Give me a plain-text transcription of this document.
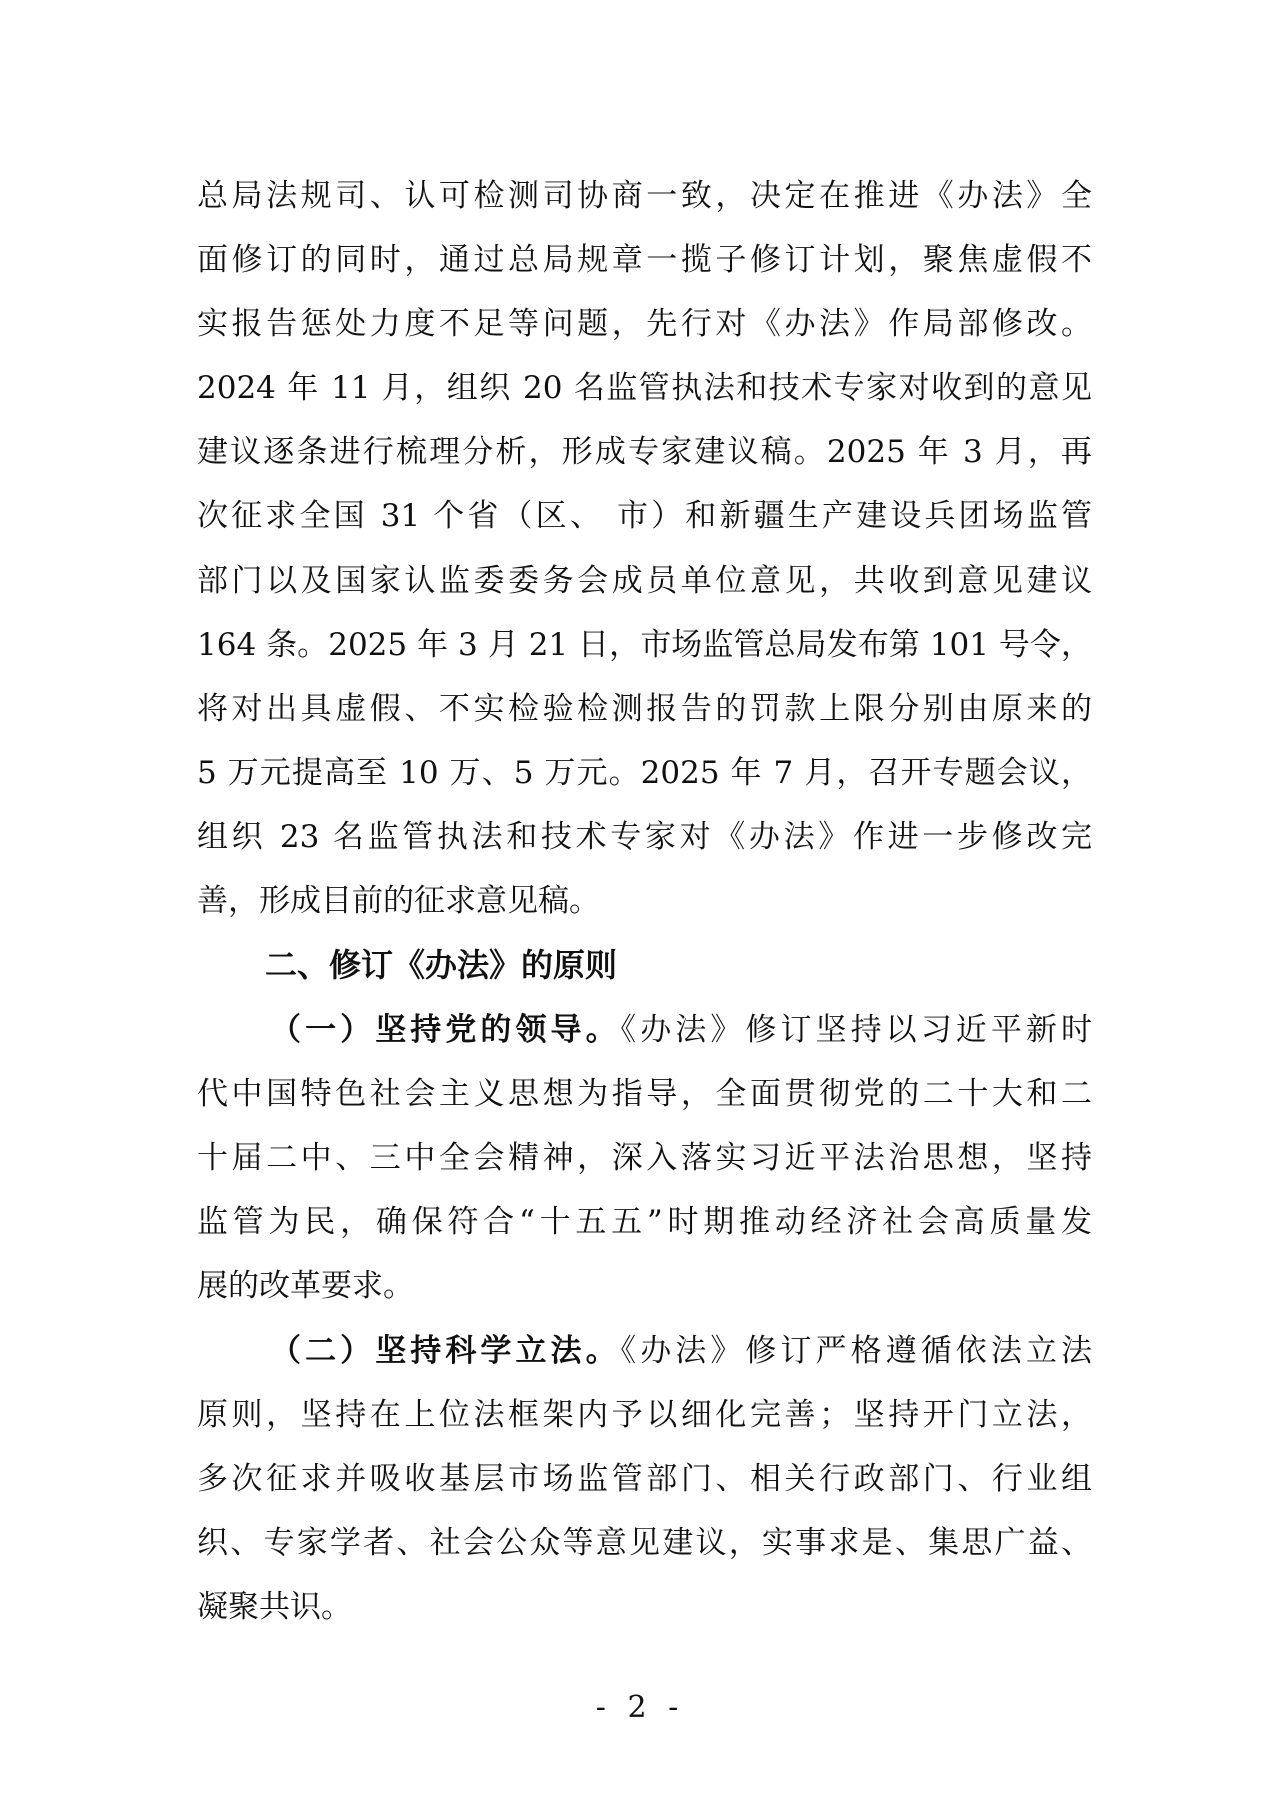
总局法规司、认可检测司协商一致，决定在推进《办法》全
面修订的同时，通过总局规章一揽子修订计划，聚焦虚假不
实报告惩处力度不足等问题，先行对《办法》作局部修改。
2024 年 11 月，组织 20 名监管执法和技术专家对收到的意见
建议逐条进行梳理分析，形成专家建议稿。2025 年 3 月，再
次征求全国 31 个省（区、 市）和新疆生产建设兵团场监管
部门以及国家认监委委务会成员单位意见，共收到意见建议
164 条。2025 年 3 月 21 日，市场监管总局发布第 101 号令，
将对出具虚假、不实检验检测报告的罚款上限分别由原来的
5 万元提高至 10 万、5 万元。2025 年 7 月，召开专题会议，
组织 23 名监管执法和技术专家对《办法》作进一步修改完
善，形成目前的征求意见稿。
二、修订《办法》的原则
（一）坚持党的领导。《办法》修订坚持以习近平新时
代中国特色社会主义思想为指导，全面贯彻党的二十大和二
十届二中、三中全会精神，深入落实习近平法治思想，坚持
监管为民，确保符合“十五五”时期推动经济社会高质量发
展的改革要求。
（二）坚持科学立法。《办法》修订严格遵循依法立法
原则，坚持在上位法框架内予以细化完善；坚持开门立法，
多次征求并吸收基层市场监管部门、相关行政部门、行业组
织、专家学者、社会公众等意见建议，实事求是、集思广益、
凝聚共识。
- 2 -
